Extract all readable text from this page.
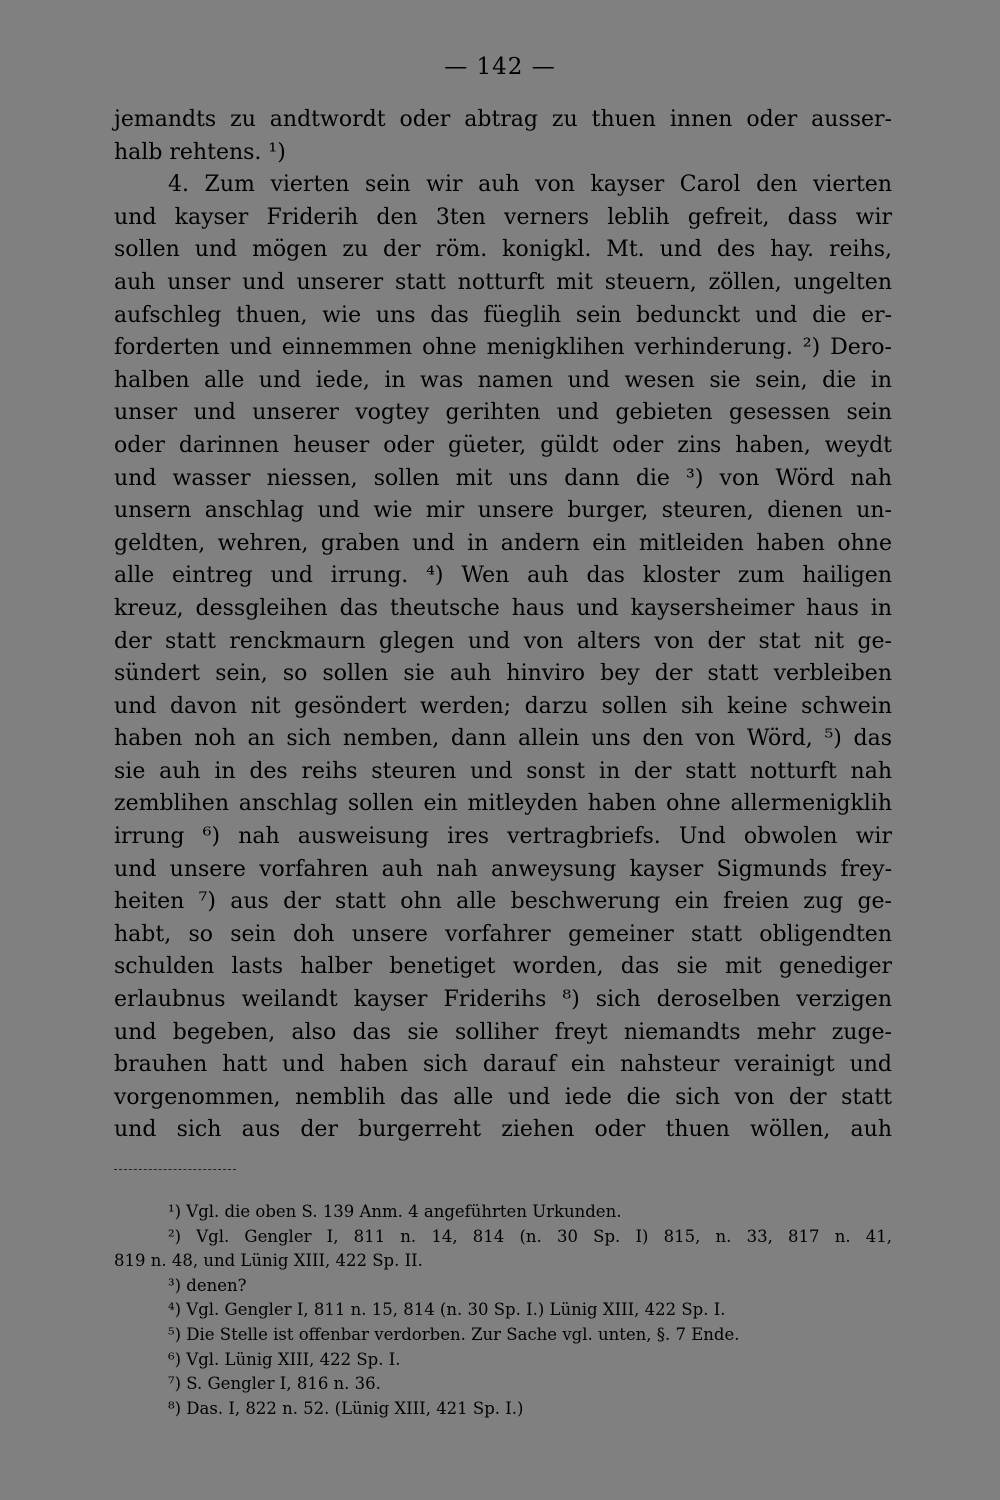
— 142 —
jemandts zu andtwordt oder abtrag zu thuen innen oder ausser-
halb rehtens. ¹)
4. Zum vierten sein wir auh von kayser Carol den vierten
und kayser Friderih den 3ten verners leblih gefreit, dass wir
sollen und mögen zu der röm. konigkl. Mt. und des hay. reihs,
auh unser und unserer statt notturft mit steuern, zöllen, ungelten
aufschleg thuen, wie uns das füeglih sein bedunckt und die er-
forderten und einnemmen ohne menigklihen verhinderung. ²) Dero-
halben alle und iede, in was namen und wesen sie sein, die in
unser und unserer vogtey gerihten und gebieten gesessen sein
oder darinnen heuser oder güeter, güldt oder zins haben, weydt
und wasser niessen, sollen mit uns dann die ³) von Wörd nah
unsern anschlag und wie mir unsere burger, steuren, dienen un-
geldten, wehren, graben und in andern ein mitleiden haben ohne
alle eintreg und irrung. ⁴) Wen auh das kloster zum hailigen
kreuz, dessgleihen das theutsche haus und kaysersheimer haus in
der statt renckmaurn glegen und von alters von der stat nit ge-
sündert sein, so sollen sie auh hinviro bey der statt verbleiben
und davon nit gesöndert werden; darzu sollen sih keine schwein
haben noh an sich nemben, dann allein uns den von Wörd, ⁵) das
sie auh in des reihs steuren und sonst in der statt notturft nah
zemblihen anschlag sollen ein mitleyden haben ohne allermenigklih
irrung ⁶) nah ausweisung ires vertragbriefs. Und obwolen wir
und unsere vorfahren auh nah anweysung kayser Sigmunds frey-
heiten ⁷) aus der statt ohn alle beschwerung ein freien zug ge-
habt, so sein doh unsere vorfahrer gemeiner statt obligendten
schulden lasts halber benetiget worden, das sie mit genediger
erlaubnus weilandt kayser Friderihs ⁸) sich deroselben verzigen
und begeben, also das sie solliher freyt niemandts mehr zuge-
brauhen hatt und haben sich darauf ein nahsteur verainigt und
vorgenommen, nemblih das alle und iede die sich von der statt
und sich aus der burgerreht ziehen oder thuen wöllen, auh
¹) Vgl. die oben S. 139 Anm. 4 angeführten Urkunden.
²) Vgl. Gengler I, 811 n. 14, 814 (n. 30 Sp. I) 815, n. 33, 817 n. 41,
819 n. 48, und Lünig XIII, 422 Sp. II.
³) denen?
⁴) Vgl. Gengler I, 811 n. 15, 814 (n. 30 Sp. I.) Lünig XIII, 422 Sp. I.
⁵) Die Stelle ist offenbar verdorben. Zur Sache vgl. unten, §. 7 Ende.
⁶) Vgl. Lünig XIII, 422 Sp. I.
⁷) S. Gengler I, 816 n. 36.
⁸) Das. I, 822 n. 52. (Lünig XIII, 421 Sp. I.)
